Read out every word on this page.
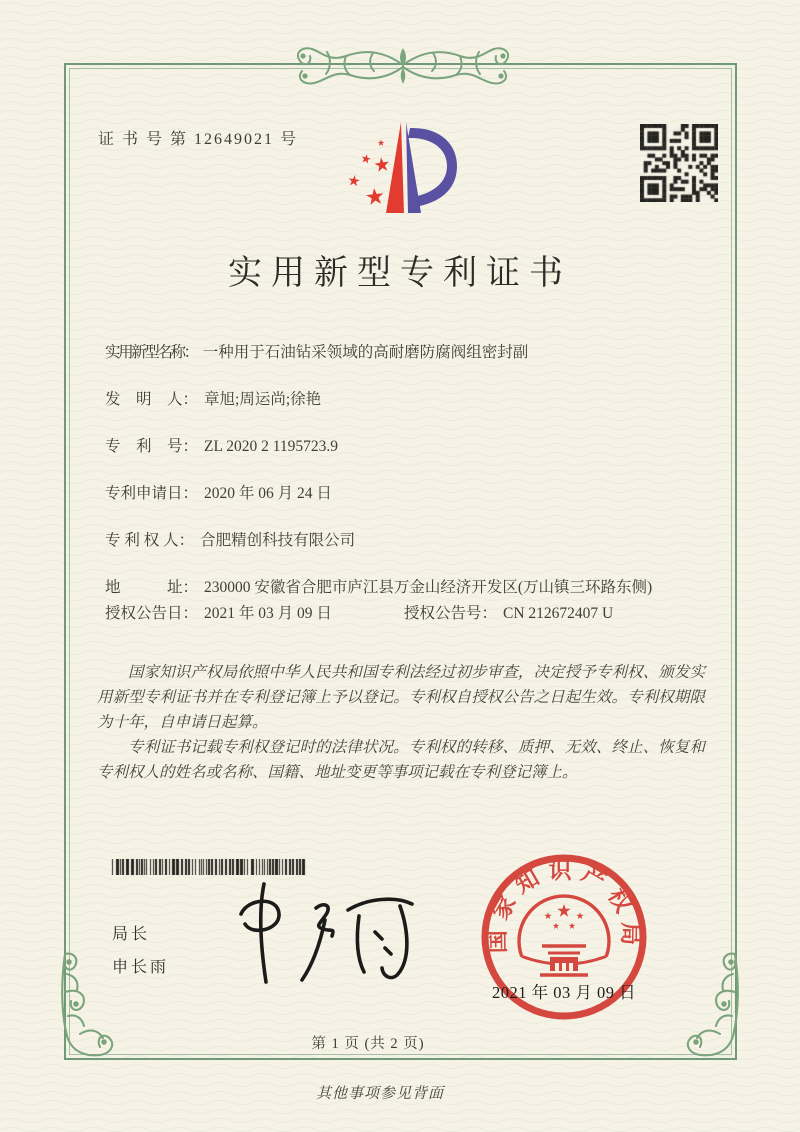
证 书 号 第 12649021 号
实用新型专利证书
实用新型名称： 一种用于石油钻采领域的高耐磨防腐阀组密封副
发　明　人： 章旭;周运尚;徐艳
专　利　号： ZL 2020 2 1195723.9
专利申请日： 2020 年 06 月 24 日
专 利 权 人： 合肥精创科技有限公司
地　　　址： 230000 安徽省合肥市庐江县万金山经济开发区(万山镇三环路东侧)
授权公告日： 2021 年 03 月 09 日	授权公告号： CN 212672407 U

国家知识产权局依照中华人民共和国专利法经过初步审查，决定授予专利权、颁发实用新型专利证书并在专利登记簿上予以登记。专利权自授权公告之日起生效。专利权期限为十年，自申请日起算。

专利证书记载专利权登记时的法律状况。专利权的转移、质押、无效、终止、恢复和专利权人的姓名或名称、国籍、地址变更等事项记载在专利登记簿上。

局长
申长雨
国家知识产权局
2021 年 03 月 09 日
第 1 页 (共 2 页)
其他事项参见背面
